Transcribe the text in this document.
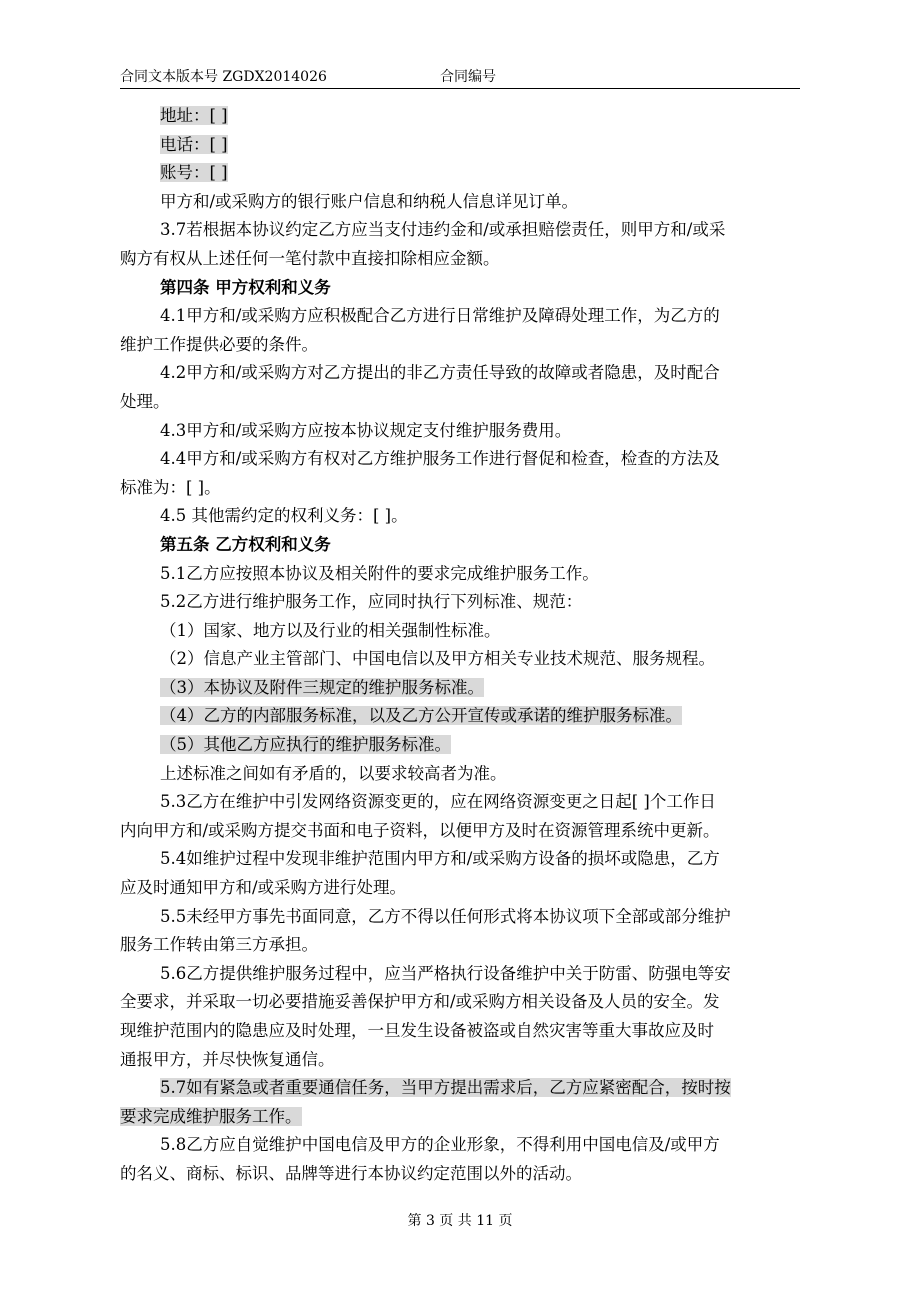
合同文本版本号 ZGDX2014026	合同编号
地址：[ ]
电话：[ ]
账号：[ ]
甲方和/或采购方的银行账户信息和纳税人信息详见订单。
3.7若根据本协议约定乙方应当支付违约金和/或承担赔偿责任，则甲方和/或采
购方有权从上述任何一笔付款中直接扣除相应金额。
第四条 甲方权利和义务
4.1甲方和/或采购方应积极配合乙方进行日常维护及障碍处理工作，为乙方的
维护工作提供必要的条件。
4.2甲方和/或采购方对乙方提出的非乙方责任导致的故障或者隐患，及时配合
处理。
4.3甲方和/或采购方应按本协议规定支付维护服务费用。
4.4甲方和/或采购方有权对乙方维护服务工作进行督促和检查，检查的方法及
标准为：[ ]。
4.5 其他需约定的权利义务：[ ]。
第五条 乙方权利和义务
5.1乙方应按照本协议及相关附件的要求完成维护服务工作。
5.2乙方进行维护服务工作，应同时执行下列标准、规范：
（1）国家、地方以及行业的相关强制性标准。
（2）信息产业主管部门、中国电信以及甲方相关专业技术规范、服务规程。
（3）本协议及附件三规定的维护服务标准。
（4）乙方的内部服务标准，以及乙方公开宣传或承诺的维护服务标准。
（5）其他乙方应执行的维护服务标准。
上述标准之间如有矛盾的，以要求较高者为准。
5.3乙方在维护中引发网络资源变更的，应在网络资源变更之日起[ ]个工作日
内向甲方和/或采购方提交书面和电子资料，以便甲方及时在资源管理系统中更新。
5.4如维护过程中发现非维护范围内甲方和/或采购方设备的损坏或隐患，乙方
应及时通知甲方和/或采购方进行处理。
5.5未经甲方事先书面同意，乙方不得以任何形式将本协议项下全部或部分维护
服务工作转由第三方承担。
5.6乙方提供维护服务过程中，应当严格执行设备维护中关于防雷、防强电等安
全要求，并采取一切必要措施妥善保护甲方和/或采购方相关设备及人员的安全。发
现维护范围内的隐患应及时处理，一旦发生设备被盗或自然灾害等重大事故应及时
通报甲方，并尽快恢复通信。
5.7如有紧急或者重要通信任务，当甲方提出需求后，乙方应紧密配合，按时按
要求完成维护服务工作。
5.8乙方应自觉维护中国电信及甲方的企业形象，不得利用中国电信及/或甲方
的名义、商标、标识、品牌等进行本协议约定范围以外的活动。
第 3 页 共 11 页
